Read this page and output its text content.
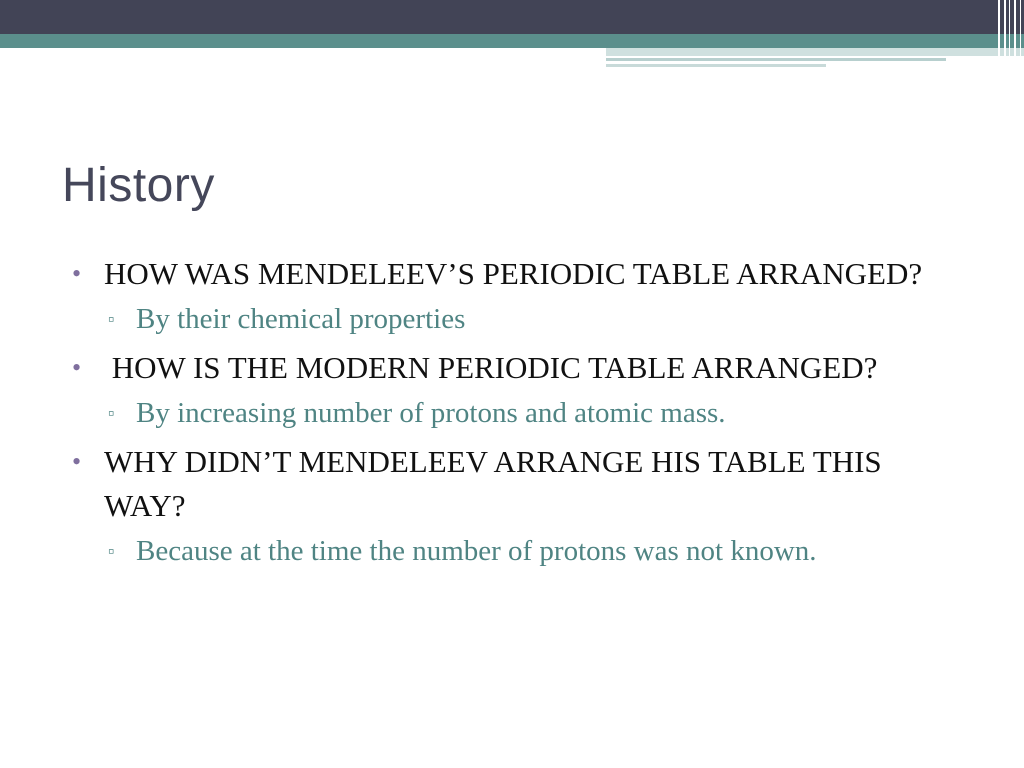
History
• HOW WAS MENDELEEV’S PERIODIC TABLE ARRANGED?
▫ By their chemical properties
• HOW IS THE MODERN PERIODIC TABLE ARRANGED?
▫ By increasing number of protons and atomic mass.
• WHY DIDN’T MENDELEEV ARRANGE HIS TABLE THIS WAY?
▫ Because at the time the number of protons was not known.
